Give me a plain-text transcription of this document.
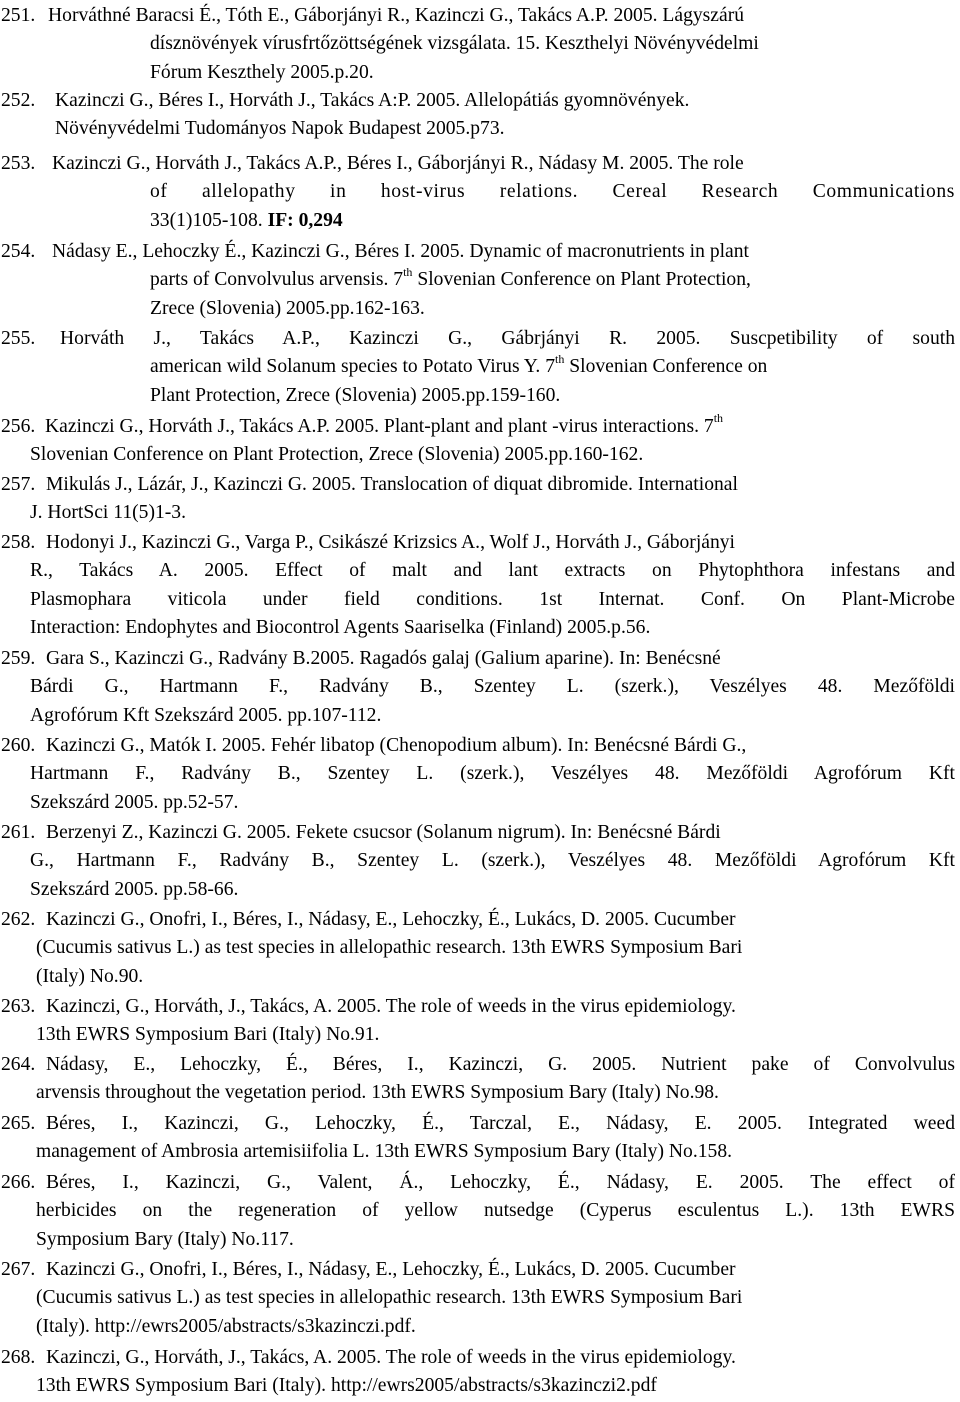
251. Horváthné Baracsi É., Tóth E., Gáborjányi R., Kazinczi G., Takács A.P. 2005. Lágyszárú
dísznövények vírusfrtőzöttségének vizsgálata. 15. Keszthelyi Növényvédelmi
Fórum Keszthely 2005.p.20.
252. Kazinczi G., Béres I., Horváth J., Takács A:P. 2005. Allelopátiás gyomnövények.
Növényvédelmi Tudományos Napok Budapest 2005.p73.
253. Kazinczi G., Horváth J., Takács A.P., Béres I., Gáborjányi R., Nádasy M. 2005. The role
of allelopathy in host-virus relations. Cereal Research Communications
33(1)105-108. IF: 0,294
254. Nádasy E., Lehoczky É., Kazinczi G., Béres I. 2005. Dynamic of macronutrients in plant
parts of Convolvulus arvensis. 7th Slovenian Conference on Plant Protection,
Zrece (Slovenia) 2005.pp.162-163.
255. Horváth J., Takács A.P., Kazinczi G., Gábrjányi R. 2005. Suscpetibility of south
american wild Solanum species to Potato Virus Y. 7th Slovenian Conference on
Plant Protection, Zrece (Slovenia) 2005.pp.159-160.
256. Kazinczi G., Horváth J., Takács A.P. 2005. Plant-plant and plant -virus interactions. 7th
Slovenian Conference on Plant Protection, Zrece (Slovenia) 2005.pp.160-162.
257. Mikulás J., Lázár, J., Kazinczi G. 2005. Translocation of diquat dibromide. International
J. HortSci 11(5)1-3.
258. Hodonyi J., Kazinczi G., Varga P., Csikászé Krizsics A., Wolf J., Horváth J., Gáborjányi
R., Takács A. 2005. Effect of malt and lant extracts on Phytophthora infestans and
Plasmophara viticola under field conditions. 1st Internat. Conf. On Plant-Microbe
Interaction: Endophytes and Biocontrol Agents Saariselka (Finland) 2005.p.56.
259. Gara S., Kazinczi G., Radvány B.2005. Ragadós galaj (Galium aparine). In: Benécsné
Bárdi G., Hartmann F., Radvány B., Szentey L. (szerk.), Veszélyes 48. Mezőföldi
Agrofórum Kft Szekszárd 2005. pp.107-112.
260. Kazinczi G., Matók I. 2005. Fehér libatop (Chenopodium album). In: Benécsné Bárdi G.,
Hartmann F., Radvány B., Szentey L. (szerk.), Veszélyes 48. Mezőföldi Agrofórum Kft
Szekszárd 2005. pp.52-57.
261. Berzenyi Z., Kazinczi G. 2005. Fekete csucsor (Solanum nigrum). In: Benécsné Bárdi
G., Hartmann F., Radvány B., Szentey L. (szerk.), Veszélyes 48. Mezőföldi Agrofórum Kft
Szekszárd 2005. pp.58-66.
262. Kazinczi G., Onofri, I., Béres, I., Nádasy, E., Lehoczky, É., Lukács, D. 2005. Cucumber
(Cucumis sativus L.) as test species in allelopathic research. 13th EWRS Symposium Bari
(Italy) No.90.
263. Kazinczi, G., Horváth, J., Takács, A. 2005. The role of weeds in the virus epidemiology.
13th EWRS Symposium Bari (Italy) No.91.
264. Nádasy, E., Lehoczky, É., Béres, I., Kazinczi, G. 2005. Nutrient pake of Convolvulus
arvensis throughout the vegetation period. 13th EWRS Symposium Bary (Italy) No.98.
265. Béres, I., Kazinczi, G., Lehoczky, É., Tarczal, E., Nádasy, E. 2005. Integrated weed
management of Ambrosia artemisiifolia L. 13th EWRS Symposium Bary (Italy) No.158.
266. Béres, I., Kazinczi, G., Valent, Á., Lehoczky, É., Nádasy, E. 2005. The effect of
herbicides on the regeneration of yellow nutsedge (Cyperus esculentus L.). 13th EWRS
Symposium Bary (Italy) No.117.
267. Kazinczi G., Onofri, I., Béres, I., Nádasy, E., Lehoczky, É., Lukács, D. 2005. Cucumber
(Cucumis sativus L.) as test species in allelopathic research. 13th EWRS Symposium Bari
(Italy). http://ewrs2005/abstracts/s3kazinczi.pdf.
268. Kazinczi, G., Horváth, J., Takács, A. 2005. The role of weeds in the virus epidemiology.
13th EWRS Symposium Bari (Italy). http://ewrs2005/abstracts/s3kazinczi2.pdf
